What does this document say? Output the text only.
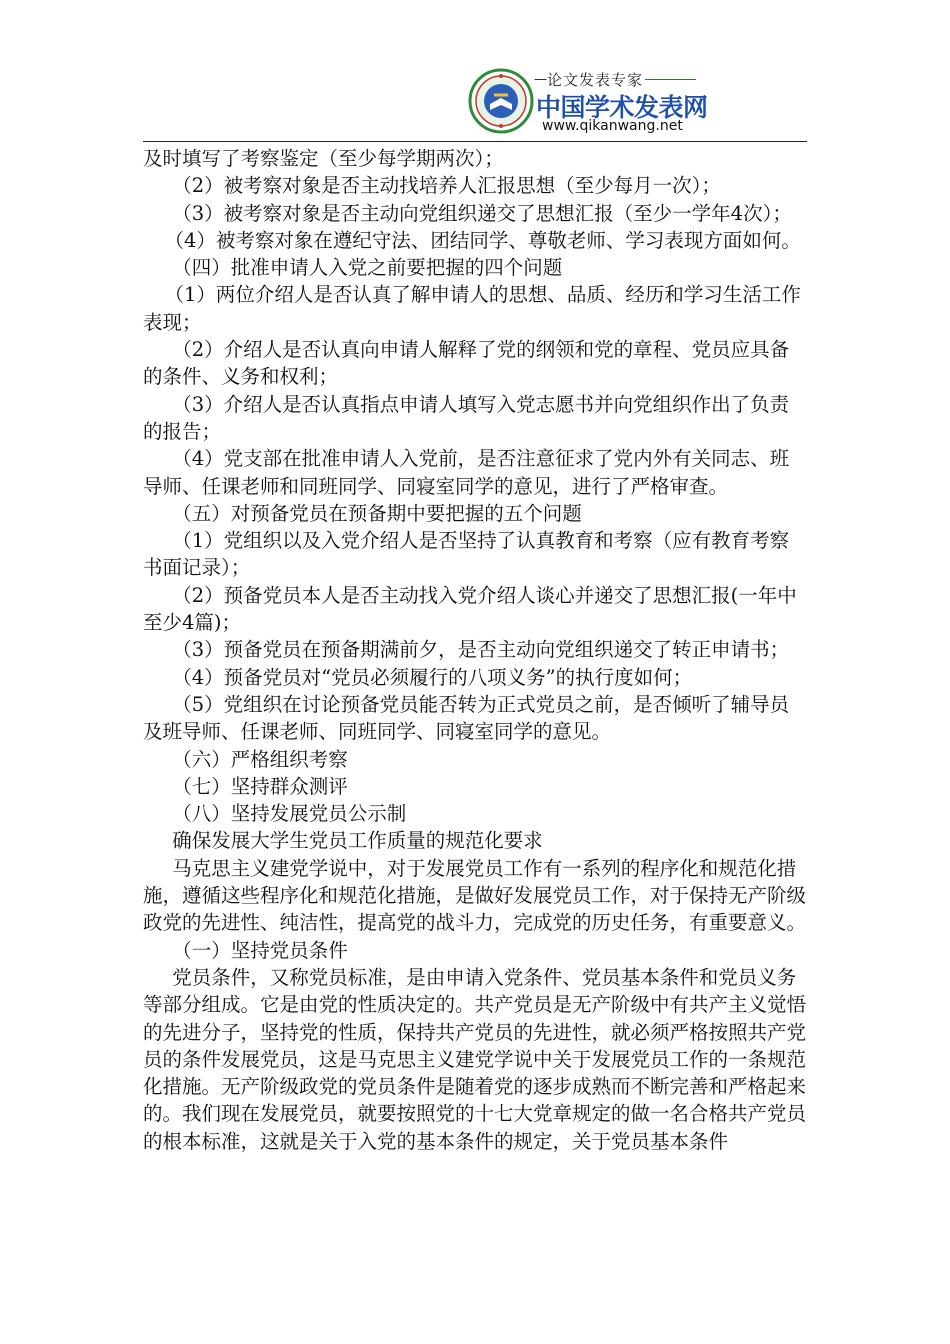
— 论文发表专家
中国学术发表网
www.qikanwang.net

及时填写了考察鉴定（至少每学期两次）；

（2）被考察对象是否主动找培养人汇报思想（至少每月一次）；

（3）被考察对象是否主动向党组织递交了思想汇报（至少一学年4次）；

（4）被考察对象在遵纪守法、团结同学、尊敬老师、学习表现方面如何。

（四）批准申请人入党之前要把握的四个问题

（1）两位介绍人是否认真了解申请人的思想、品质、经历和学习生活工作表现；

（2）介绍人是否认真向申请人解释了党的纲领和党的章程、党员应具备的条件、义务和权利；

（3）介绍人是否认真指点申请人填写入党志愿书并向党组织作出了负责的报告；

（4）党支部在批准申请人入党前，是否注意征求了党内外有关同志、班导师、任课老师和同班同学、同寝室同学的意见，进行了严格审查。

（五）对预备党员在预备期中要把握的五个问题

（1）党组织以及入党介绍人是否坚持了认真教育和考察（应有教育考察书面记录）；

（2）预备党员本人是否主动找入党介绍人谈心并递交了思想汇报(一年中至少4篇)；

（3）预备党员在预备期满前夕，是否主动向党组织递交了转正申请书；

（4）预备党员对“党员必须履行的八项义务”的执行度如何；

（5）党组织在讨论预备党员能否转为正式党员之前，是否倾听了辅导员及班导师、任课老师、同班同学、同寝室同学的意见。

（六）严格组织考察

（七）坚持群众测评

（八）坚持发展党员公示制

确保发展大学生党员工作质量的规范化要求

马克思主义建党学说中，对于发展党员工作有一系列的程序化和规范化措施，遵循这些程序化和规范化措施，是做好发展党员工作，对于保持无产阶级政党的先进性、纯洁性，提高党的战斗力，完成党的历史任务，有重要意义。

（一）坚持党员条件

党员条件，又称党员标准，是由申请入党条件、党员基本条件和党员义务等部分组成。它是由党的性质决定的。共产党员是无产阶级中有共产主义觉悟的先进分子，坚持党的性质，保持共产党员的先进性，就必须严格按照共产党员的条件发展党员，这是马克思主义建党学说中关于发展党员工作的一条规范化措施。无产阶级政党的党员条件是随着党的逐步成熟而不断完善和严格起来的。我们现在发展党员，就要按照党的十七大党章规定的做一名合格共产党员的根本标准，这就是关于入党的基本条件的规定，关于党员基本条件
